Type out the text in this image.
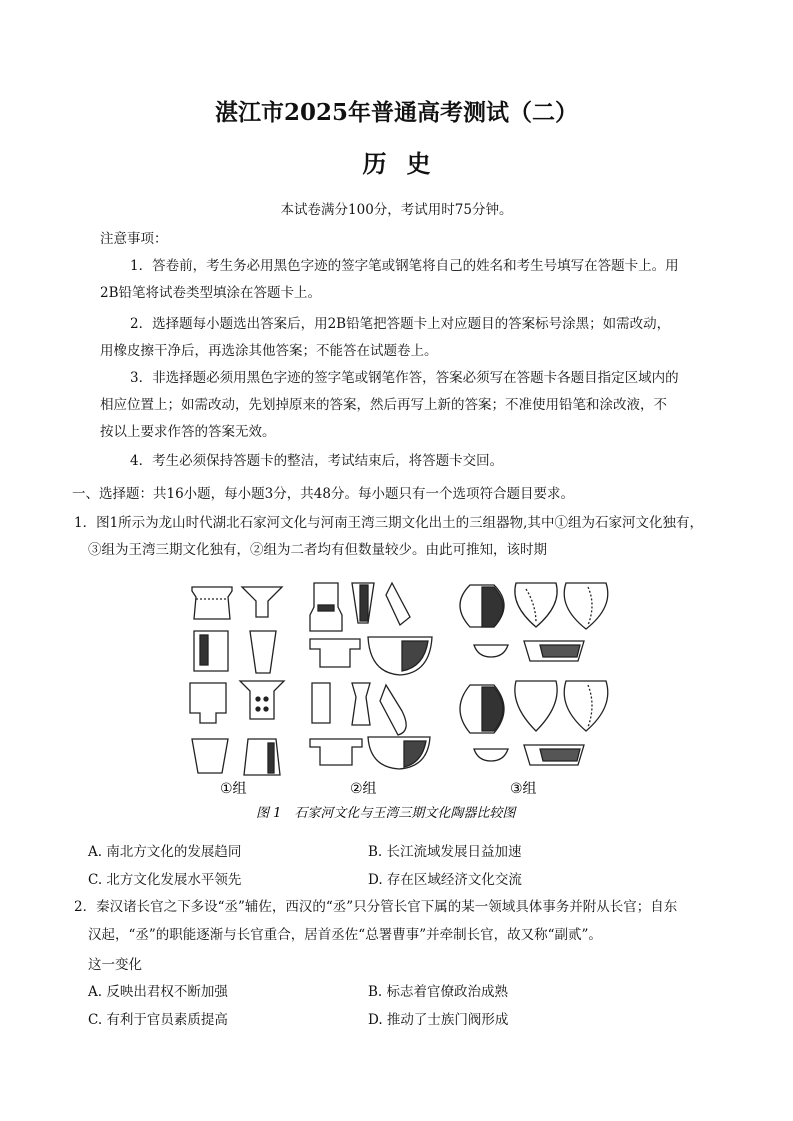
湛江市2025年普通高考测试（二）
历史
本试卷满分100分，考试用时75分钟。
注意事项：
1．答卷前，考生务必用黑色字迹的签字笔或钢笔将自己的姓名和考生号填写在答题卡上。用
2B铅笔将试卷类型填涂在答题卡上。
2．选择题每小题选出答案后，用2B铅笔把答题卡上对应题目的答案标号涂黑；如需改动，
用橡皮擦干净后，再选涂其他答案；不能答在试题卷上。
3．非选择题必须用黑色字迹的签字笔或钢笔作答，答案必须写在答题卡各题目指定区域内的
相应位置上；如需改动，先划掉原来的答案，然后再写上新的答案；不准使用铅笔和涂改液，不
按以上要求作答的答案无效。
4．考生必须保持答题卡的整洁，考试结束后，将答题卡交回。
一、选择题：共16小题，每小题3分，共48分。每小题只有一个选项符合题目要求。
1．图1所示为龙山时代湖北石家河文化与河南王湾三期文化出土的三组器物,其中①组为石家河文化独有，
③组为王湾三期文化独有，②组为二者均有但数量较少。由此可推知，该时期
①组	②组	③组
图 1　石家河文化与王湾三期文化陶器比较图
A. 南北方文化的发展趋同	B. 长江流域发展日益加速
C. 北方文化发展水平领先	D. 存在区域经济文化交流
2．秦汉诸长官之下多设“丞”辅佐，西汉的“丞”只分管长官下属的某一领域具体事务并附从长官；自东
汉起，“丞”的职能逐渐与长官重合，居首丞佐“总署曹事”并牵制长官，故又称“副贰”。
这一变化
A. 反映出君权不断加强	B. 标志着官僚政治成熟
C. 有利于官员素质提高	D. 推动了士族门阀形成
